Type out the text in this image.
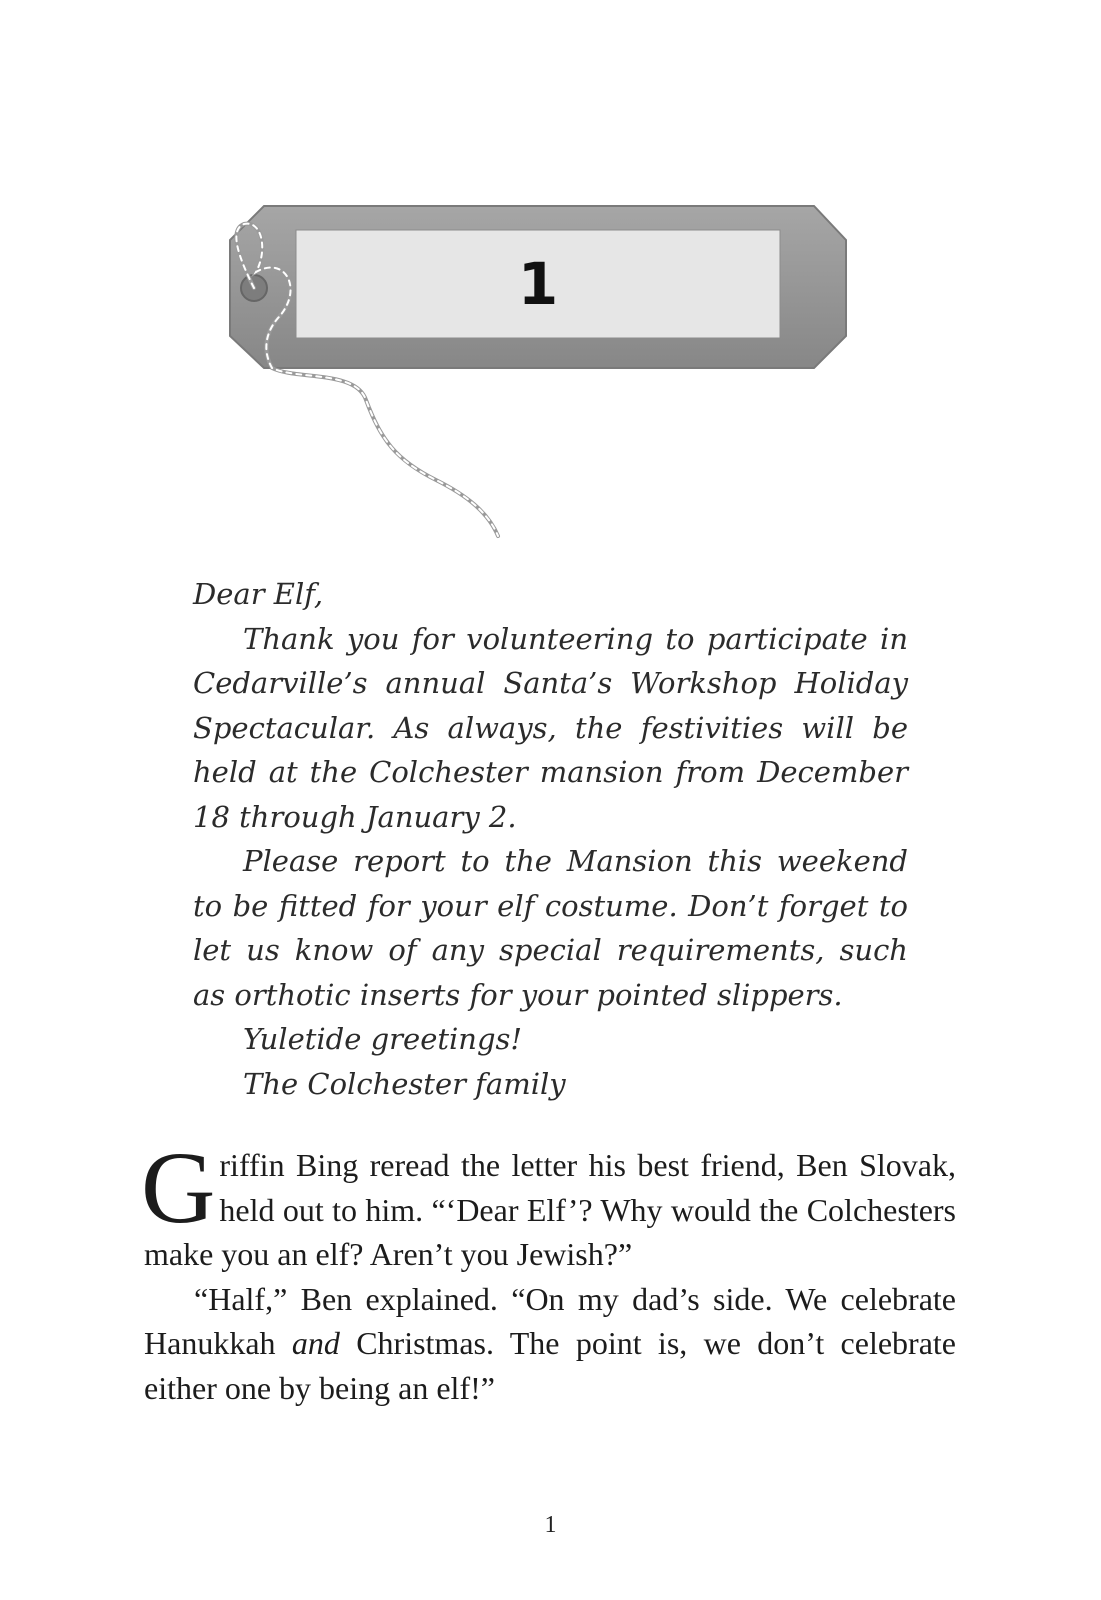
1

Dear Elf,

Thank you for volunteering to participate in Cedarville’s annual Santa’s Workshop Holiday Spectacular. As always, the festivities will be held at the Colchester mansion from December 18 through January 2.

Please report to the Mansion this weekend to be fitted for your elf costume. Don’t forget to let us know of any special requirements, such as orthotic inserts for your pointed slippers.

Yuletide greetings!

The Colchester family

Griffin Bing reread the letter his best friend, Ben Slovak, held out to him. “‘Dear Elf’? Why would the Colchesters make you an elf? Aren’t you Jewish?”

“Half,” Ben explained. “On my dad’s side. We celebrate Hanukkah and Christmas. The point is, we don’t celebrate either one by being an elf!”

1
